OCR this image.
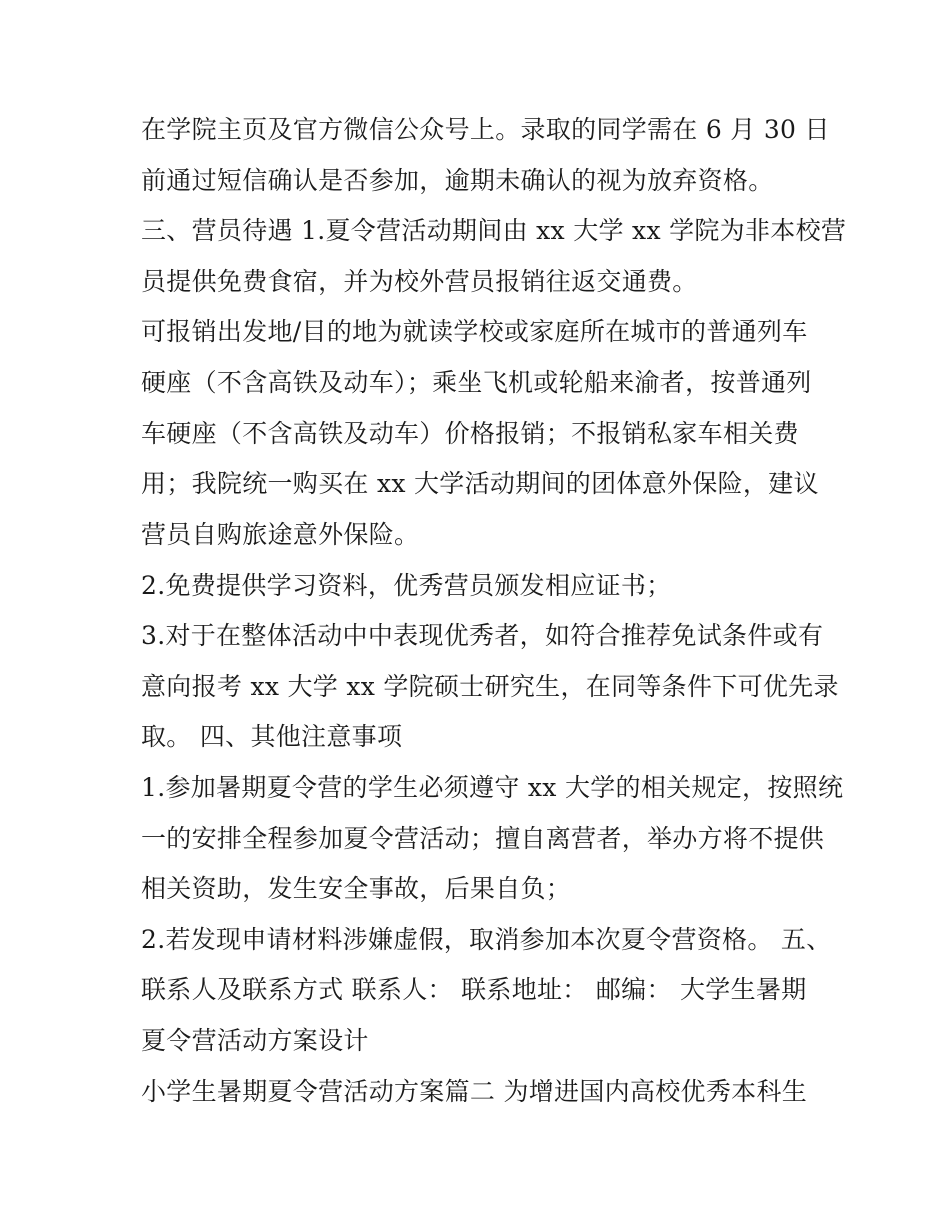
在学院主页及官方微信公众号上。录取的同学需在 6 月 30 日
前通过短信确认是否参加，逾期未确认的视为放弃资格。
三、营员待遇 1.夏令营活动期间由 xx 大学 xx 学院为非本校营
员提供免费食宿，并为校外营员报销往返交通费。
可报销出发地/目的地为就读学校或家庭所在城市的普通列车
硬座（不含高铁及动车）；乘坐飞机或轮船来渝者，按普通列
车硬座（不含高铁及动车）价格报销；不报销私家车相关费
用；我院统一购买在 xx 大学活动期间的团体意外保险，建议
营员自购旅途意外保险。
2.免费提供学习资料，优秀营员颁发相应证书；
3.对于在整体活动中中表现优秀者，如符合推荐免试条件或有
意向报考 xx 大学 xx 学院硕士研究生，在同等条件下可优先录
取。 四、其他注意事项
1.参加暑期夏令营的学生必须遵守 xx 大学的相关规定，按照统
一的安排全程参加夏令营活动；擅自离营者，举办方将不提供
相关资助，发生安全事故，后果自负；
2.若发现申请材料涉嫌虚假，取消参加本次夏令营资格。 五、
联系人及联系方式 联系人： 联系地址： 邮编： 大学生暑期
夏令营活动方案设计
小学生暑期夏令营活动方案篇二 为增进国内高校优秀本科生
